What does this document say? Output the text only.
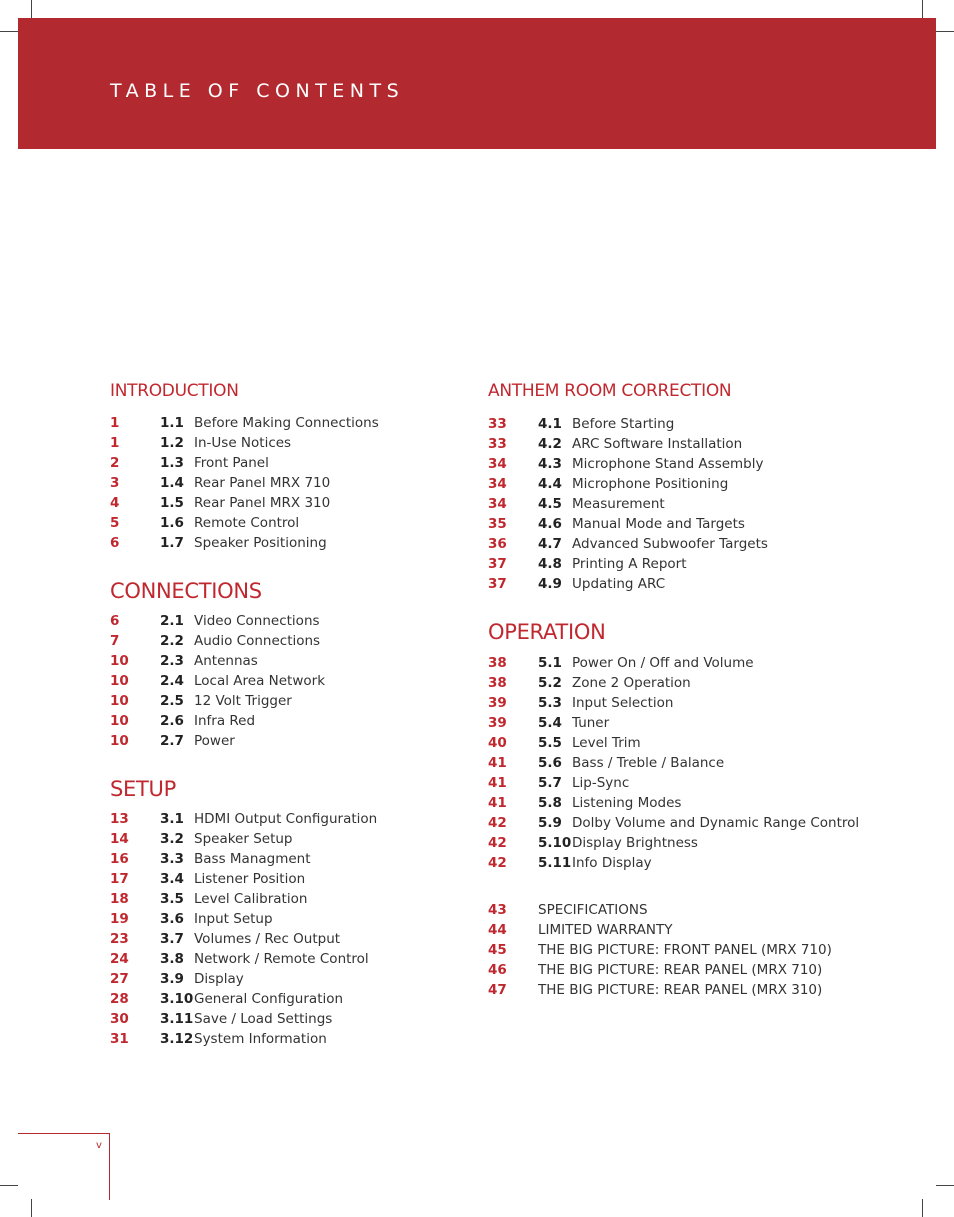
TABLE OF CONTENTS
INTRODUCTION
1	1.1 Before Making Connections
1	1.2 In-Use Notices
2	1.3 Front Panel
3	1.4 Rear Panel MRX 710
4	1.5 Rear Panel MRX 310
5	1.6 Remote Control
6	1.7 Speaker Positioning
CONNECTIONS
6	2.1 Video Connections
7	2.2 Audio Connections
10 2.3 Antennas
10 2.4 Local Area Network
10 2.5 12 Volt Trigger
10 2.6 Infra Red
10 2.7 Power
SETUP
13 3.1 HDMI Output Configuration
14 3.2 Speaker Setup
16 3.3 Bass Managment
17 3.4 Listener Position
18 3.5 Level Calibration
19 3.6 Input Setup
23 3.7 Volumes / Rec Output
24 3.8 Network / Remote Control
27 3.9 Display
28 3.10 General Configuration
30 3.11 Save / Load Settings
31 3.12 System Information
ANTHEM ROOM CORRECTION
33 4.1 Before Starting
33 4.2 ARC Software Installation
34 4.3 Microphone Stand Assembly
34 4.4 Microphone Positioning
34 4.5 Measurement
35 4.6 Manual Mode and Targets
36 4.7 Advanced Subwoofer Targets
37 4.8 Printing A Report
37 4.9 Updating ARC
OPERATION
38 5.1 Power On / Off and Volume
38 5.2 Zone 2 Operation
39 5.3 Input Selection
39 5.4 Tuner
40 5.5 Level Trim
41 5.6 Bass / Treble / Balance
41 5.7 Lip-Sync
41 5.8 Listening Modes
42 5.9 Dolby Volume and Dynamic Range Control
42 5.10 Display Brightness
42 5.11 Info Display
43 SPECIFICATIONS
44 LIMITED WARRANTY
45 THE BIG PICTURE: FRONT PANEL (MRX 710)
46 THE BIG PICTURE: REAR PANEL (MRX 710)
47 THE BIG PICTURE: REAR PANEL (MRX 310)
v
